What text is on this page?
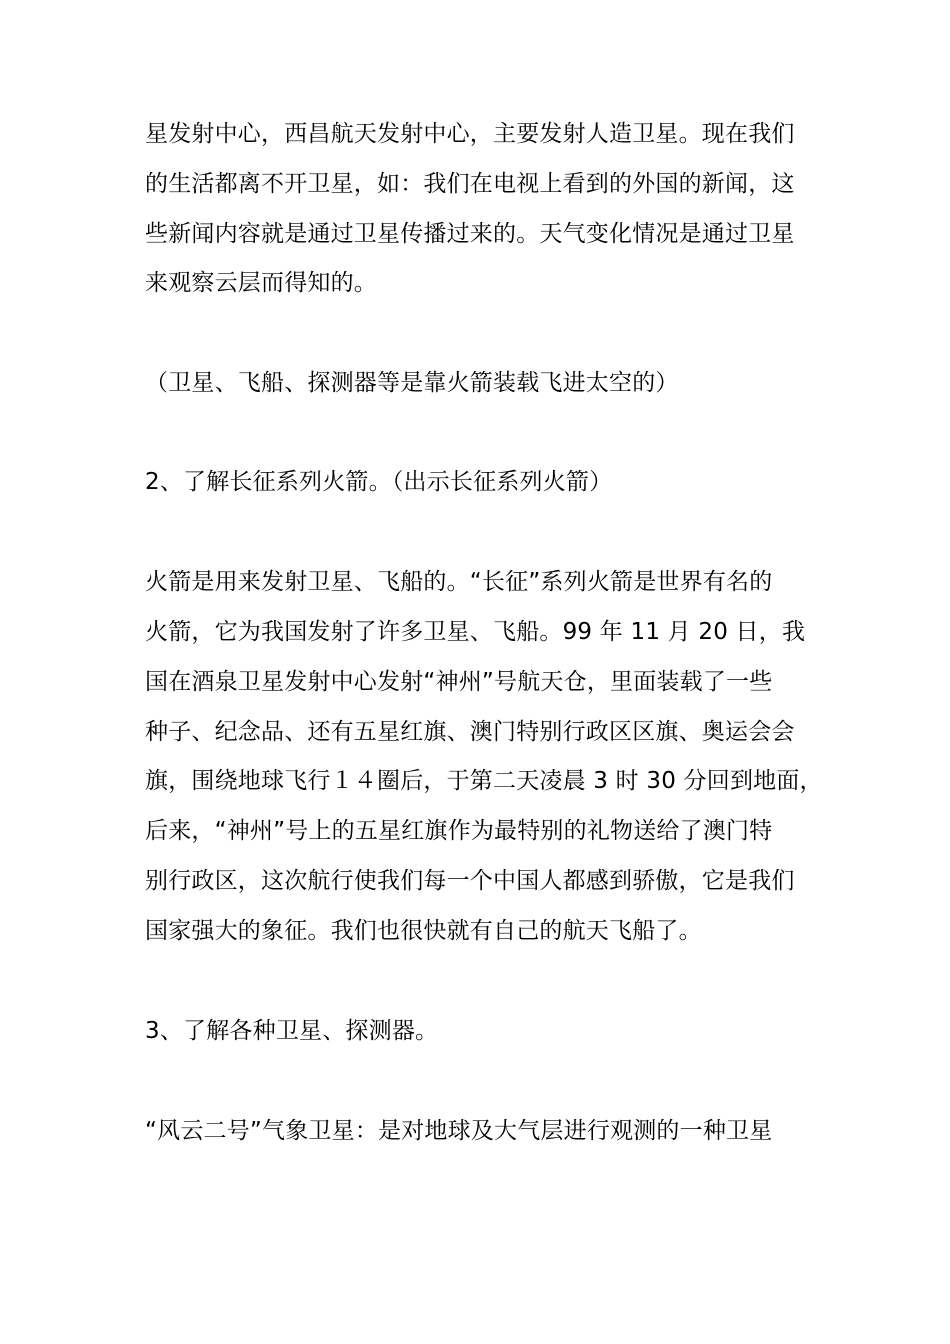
星发射中心，西昌航天发射中心，主要发射人造卫星。现在我们
的生活都离不开卫星，如：我们在电视上看到的外国的新闻，这
些新闻内容就是通过卫星传播过来的。天气变化情况是通过卫星
来观察云层而得知的。
（卫星、飞船、探测器等是靠火箭装载飞进太空的）
2、了解长征系列火箭。（出示长征系列火箭）
火箭是用来发射卫星、飞船的。“长征”系列火箭是世界有名的
火箭，它为我国发射了许多卫星、飞船。99 年 11 月 20 日，我
国在酒泉卫星发射中心发射“神州”号航天仓，里面装载了一些
种子、纪念品、还有五星红旗、澳门特别行政区区旗、奥运会会
旗，围绕地球飞行１４圈后，于第二天凌晨 3 时 30 分回到地面，
后来，“神州”号上的五星红旗作为最特别的礼物送给了澳门特
别行政区，这次航行使我们每一个中国人都感到骄傲，它是我们
国家强大的象征。我们也很快就有自己的航天飞船了。
3、了解各种卫星、探测器。
“风云二号”气象卫星：是对地球及大气层进行观测的一种卫星
